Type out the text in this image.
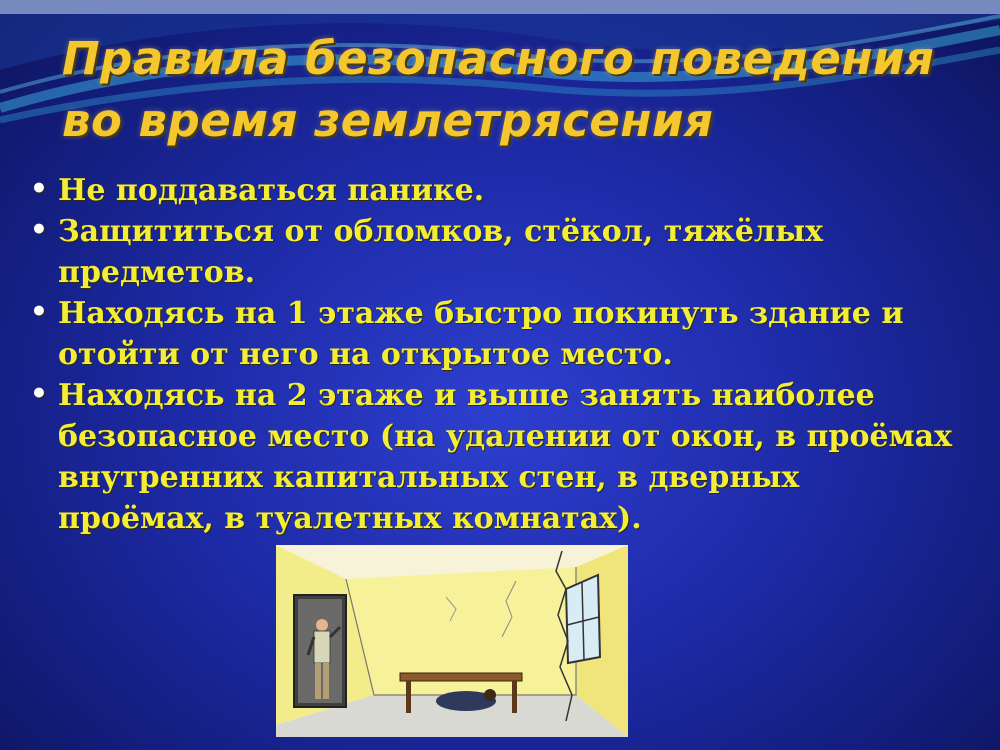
Правила безопасного поведения
во время землетрясения
• Не поддаваться панике.
• Защититься от обломков, стёкол, тяжёлых предметов.
• Находясь на 1 этаже быстро покинуть здание и отойти от него на открытое место.
• Находясь на 2 этаже и выше занять наиболее безопасное место (на удалении от окон, в проёмах внутренних капитальных стен, в дверных проёмах, в туалетных комнатах).
